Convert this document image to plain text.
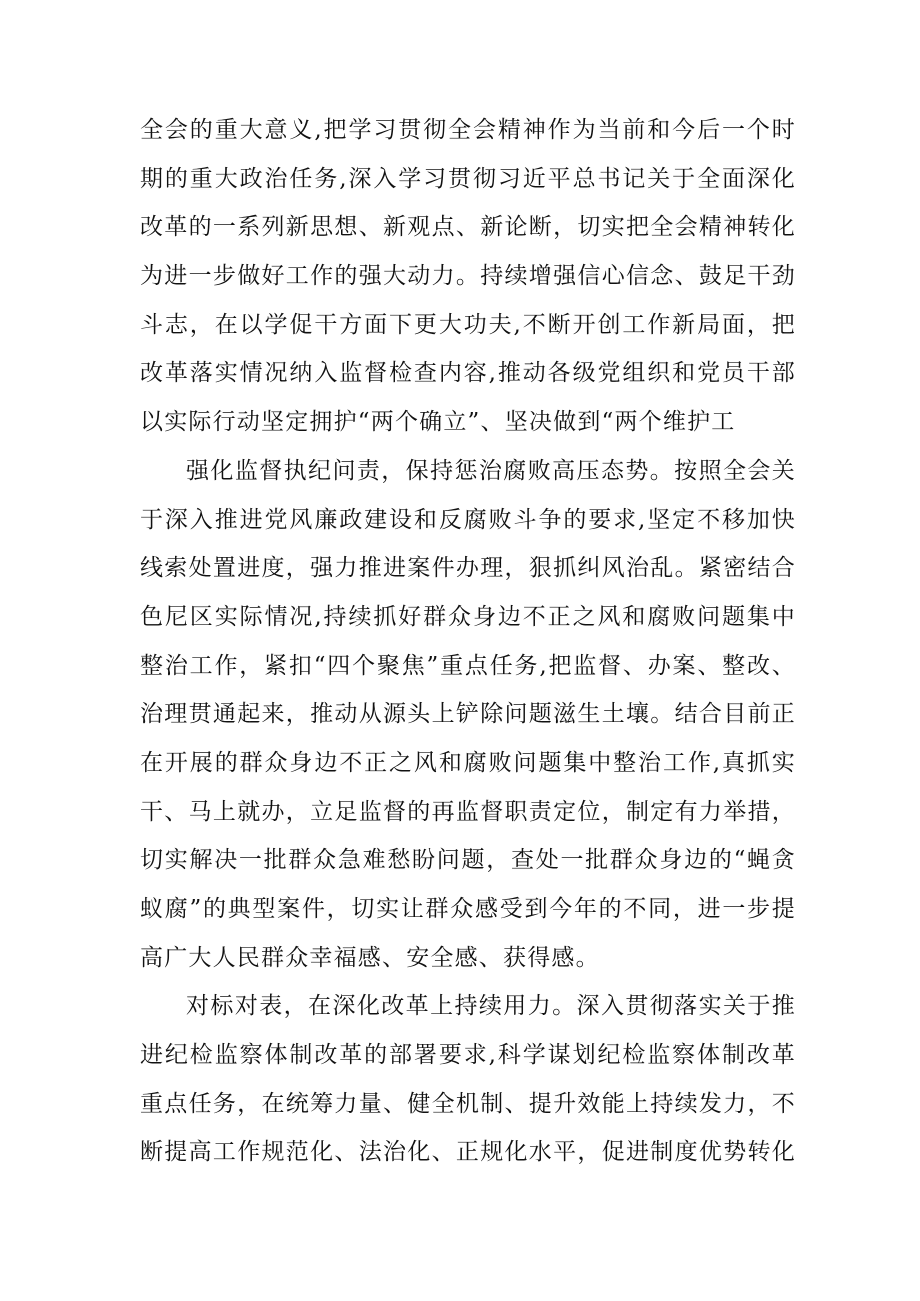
全会的重大意义,把学习贯彻全会精神作为当前和今后一个时
期的重大政治任务,深入学习贯彻习近平总书记关于全面深化
改革的一系列新思想、新观点、新论断，切实把全会精神转化
为进一步做好工作的强大动力。持续增强信心信念、鼓足干劲
斗志，在以学促干方面下更大功夫,不断开创工作新局面，把
改革落实情况纳入监督检查内容,推动各级党组织和党员干部
以实际行动坚定拥护“两个确立”、坚决做到“两个维护工
强化监督执纪问责，保持惩治腐败高压态势。按照全会关
于深入推进党风廉政建设和反腐败斗争的要求,坚定不移加快
线索处置进度，强力推进案件办理，狠抓纠风治乱。紧密结合
色尼区实际情况,持续抓好群众身边不正之风和腐败问题集中
整治工作，紧扣“四个聚焦”重点任务,把监督、办案、整改、
治理贯通起来，推动从源头上铲除问题滋生土壤。结合目前正
在开展的群众身边不正之风和腐败问题集中整治工作,真抓实
干、马上就办，立足监督的再监督职责定位，制定有力举措，
切实解决一批群众急难愁盼问题，查处一批群众身边的“蝇贪
蚁腐”的典型案件，切实让群众感受到今年的不同，进一步提
高广大人民群众幸福感、安全感、获得感。
对标对表，在深化改革上持续用力。深入贯彻落实关于推
进纪检监察体制改革的部署要求,科学谋划纪检监察体制改革
重点任务，在统筹力量、健全机制、提升效能上持续发力，不
断提高工作规范化、法治化、正规化水平，促进制度优势转化
